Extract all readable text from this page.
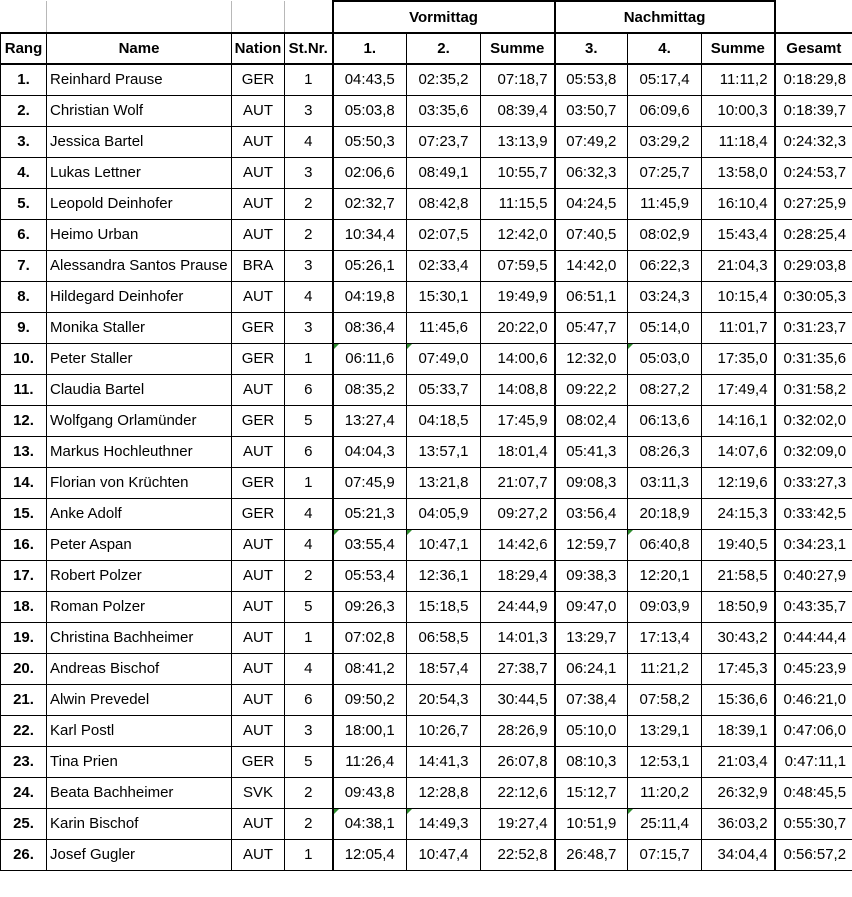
				Vormittag			Nachmittag			
Rang	Name	Nation	St.Nr.	1.	2.	Summe	3.	4.	Summe	Gesamt
1.	Reinhard Prause	GER	1	04:43,5	02:35,2	07:18,7	05:53,8	05:17,4	11:11,2	0:18:29,8
2.	Christian Wolf	AUT	3	05:03,8	03:35,6	08:39,4	03:50,7	06:09,6	10:00,3	0:18:39,7
3.	Jessica Bartel	AUT	4	05:50,3	07:23,7	13:13,9	07:49,2	03:29,2	11:18,4	0:24:32,3
4.	Lukas Lettner	AUT	3	02:06,6	08:49,1	10:55,7	06:32,3	07:25,7	13:58,0	0:24:53,7
5.	Leopold Deinhofer	AUT	2	02:32,7	08:42,8	11:15,5	04:24,5	11:45,9	16:10,4	0:27:25,9
6.	Heimo Urban	AUT	2	10:34,4	02:07,5	12:42,0	07:40,5	08:02,9	15:43,4	0:28:25,4
7.	Alessandra Santos Prause	BRA	3	05:26,1	02:33,4	07:59,5	14:42,0	06:22,3	21:04,3	0:29:03,8
8.	Hildegard Deinhofer	AUT	4	04:19,8	15:30,1	19:49,9	06:51,1	03:24,3	10:15,4	0:30:05,3
9.	Monika Staller	GER	3	08:36,4	11:45,6	20:22,0	05:47,7	05:14,0	11:01,7	0:31:23,7
10.	Peter Staller	GER	1	06:11,6	07:49,0	14:00,6	12:32,0	05:03,0	17:35,0	0:31:35,6
11.	Claudia Bartel	AUT	6	08:35,2	05:33,7	14:08,8	09:22,2	08:27,2	17:49,4	0:31:58,2
12.	Wolfgang Orlamünder	GER	5	13:27,4	04:18,5	17:45,9	08:02,4	06:13,6	14:16,1	0:32:02,0
13.	Markus Hochleuthner	AUT	6	04:04,3	13:57,1	18:01,4	05:41,3	08:26,3	14:07,6	0:32:09,0
14.	Florian von Krüchten	GER	1	07:45,9	13:21,8	21:07,7	09:08,3	03:11,3	12:19,6	0:33:27,3
15.	Anke Adolf	GER	4	05:21,3	04:05,9	09:27,2	03:56,4	20:18,9	24:15,3	0:33:42,5
16.	Peter Aspan	AUT	4	03:55,4	10:47,1	14:42,6	12:59,7	06:40,8	19:40,5	0:34:23,1
17.	Robert Polzer	AUT	2	05:53,4	12:36,1	18:29,4	09:38,3	12:20,1	21:58,5	0:40:27,9
18.	Roman Polzer	AUT	5	09:26,3	15:18,5	24:44,9	09:47,0	09:03,9	18:50,9	0:43:35,7
19.	Christina Bachheimer	AUT	1	07:02,8	06:58,5	14:01,3	13:29,7	17:13,4	30:43,2	0:44:44,4
20.	Andreas Bischof	AUT	4	08:41,2	18:57,4	27:38,7	06:24,1	11:21,2	17:45,3	0:45:23,9
21.	Alwin Prevedel	AUT	6	09:50,2	20:54,3	30:44,5	07:38,4	07:58,2	15:36,6	0:46:21,0
22.	Karl Postl	AUT	3	18:00,1	10:26,7	28:26,9	05:10,0	13:29,1	18:39,1	0:47:06,0
23.	Tina Prien	GER	5	11:26,4	14:41,3	26:07,8	08:10,3	12:53,1	21:03,4	0:47:11,1
24.	Beata Bachheimer	SVK	2	09:43,8	12:28,8	22:12,6	15:12,7	11:20,2	26:32,9	0:48:45,5
25.	Karin Bischof	AUT	2	04:38,1	14:49,3	19:27,4	10:51,9	25:11,4	36:03,2	0:55:30,7
26.	Josef Gugler	AUT	1	12:05,4	10:47,4	22:52,8	26:48,7	07:15,7	34:04,4	0:56:57,2
